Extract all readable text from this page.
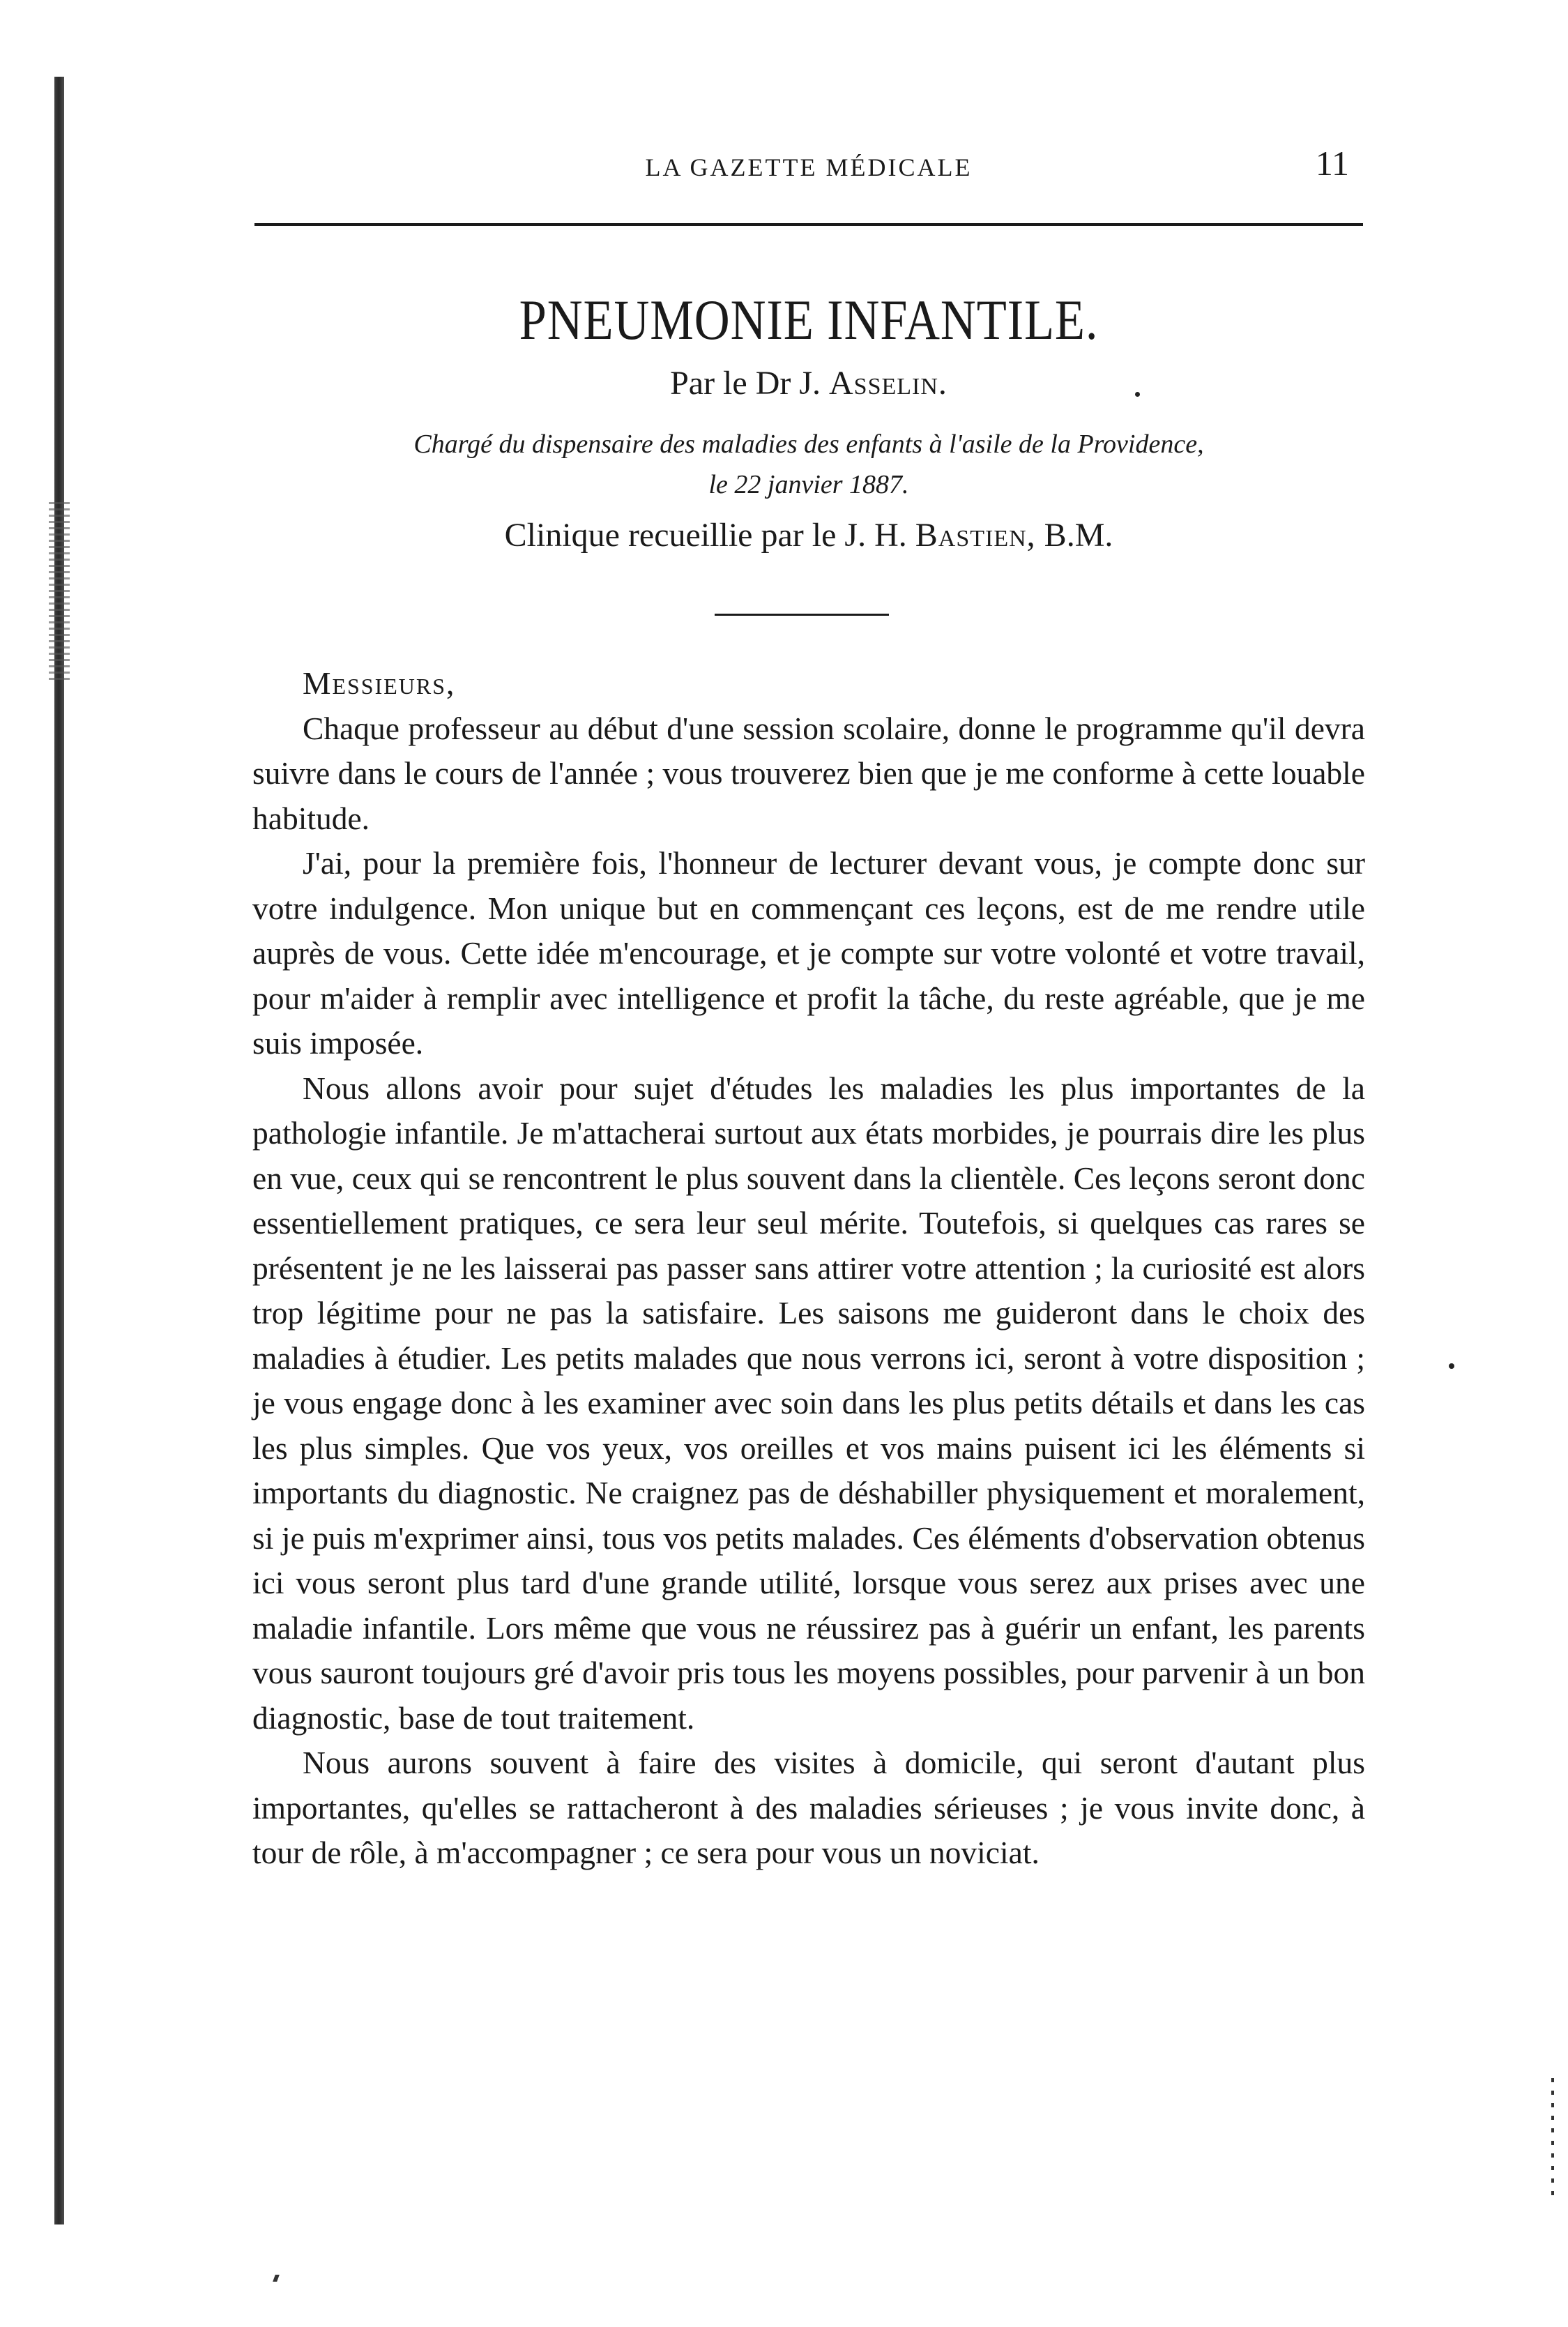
LA GAZETTE MÉDICALE	11
PNEUMONIE INFANTILE.
Par le Dr J. Asselin.
Chargé du dispensaire des maladies des enfants à l'asile de la Providence,
le 22 janvier 1887.
Clinique recueillie par le J. H. Bastien, B.M.

Messieurs,

Chaque professeur au début d'une session scolaire, donne le programme qu'il devra suivre dans le cours de l'année ; vous trouverez bien que je me conforme à cette louable habitude.

J'ai, pour la première fois, l'honneur de lecturer devant vous, je compte donc sur votre indulgence. Mon unique but en commençant ces leçons, est de me rendre utile auprès de vous. Cette idée m'encourage, et je compte sur votre volonté et votre travail, pour m'aider à remplir avec intelligence et profit la tâche, du reste agréable, que je me suis imposée.

Nous allons avoir pour sujet d'études les maladies les plus importantes de la pathologie infantile. Je m'attacherai surtout aux états morbides, je pourrais dire les plus en vue, ceux qui se rencontrent le plus souvent dans la clientèle. Ces leçons seront donc essentiellement pratiques, ce sera leur seul mérite. Toutefois, si quelques cas rares se présentent je ne les laisserai pas passer sans attirer votre attention ; la curiosité est alors trop légitime pour ne pas la satisfaire. Les saisons me guideront dans le choix des maladies à étudier. Les petits malades que nous verrons ici, seront à votre disposition ; je vous engage donc à les examiner avec soin dans les plus petits détails et dans les cas les plus simples. Que vos yeux, vos oreilles et vos mains puisent ici les éléments si importants du diagnostic. Ne craignez pas de déshabiller physiquement et moralement, si je puis m'exprimer ainsi, tous vos petits malades. Ces éléments d'observation obtenus ici vous seront plus tard d'une grande utilité, lorsque vous serez aux prises avec une maladie infantile. Lors même que vous ne réussirez pas à guérir un enfant, les parents vous sauront toujours gré d'avoir pris tous les moyens possibles, pour parvenir à un bon diagnostic, base de tout traitement.

Nous aurons souvent à faire des visites à domicile, qui seront d'autant plus importantes, qu'elles se rattacheront à des maladies sérieuses ; je vous invite donc, à tour de rôle, à m'accompagner ; ce sera pour vous un noviciat.
